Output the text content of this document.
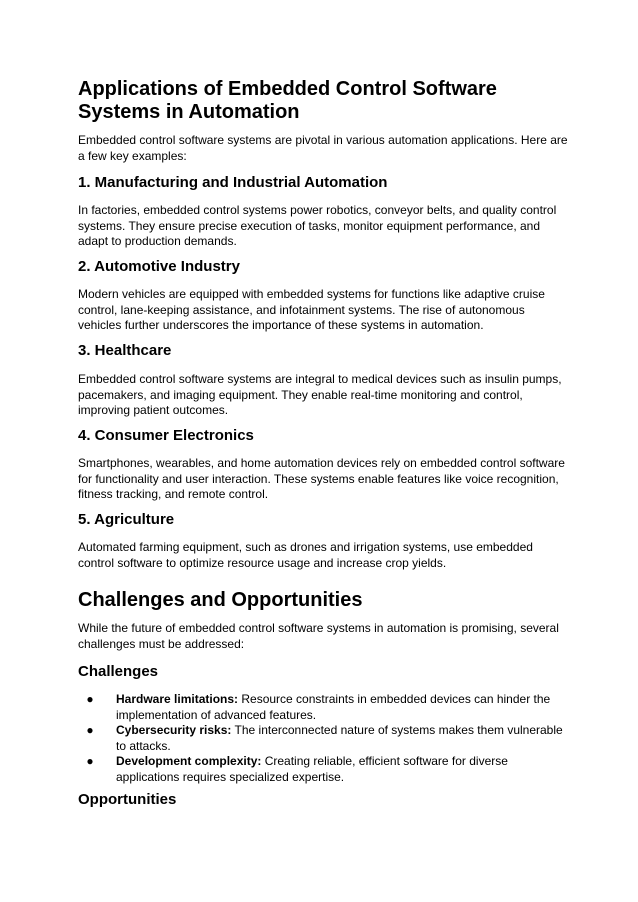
Applications of Embedded Control Software Systems in Automation

Embedded control software systems are pivotal in various automation applications. Here are a few key examples:

1. Manufacturing and Industrial Automation

In factories, embedded control systems power robotics, conveyor belts, and quality control systems. They ensure precise execution of tasks, monitor equipment performance, and adapt to production demands.

2. Automotive Industry

Modern vehicles are equipped with embedded systems for functions like adaptive cruise control, lane-keeping assistance, and infotainment systems. The rise of autonomous vehicles further underscores the importance of these systems in automation.

3. Healthcare

Embedded control software systems are integral to medical devices such as insulin pumps, pacemakers, and imaging equipment. They enable real-time monitoring and control, improving patient outcomes.

4. Consumer Electronics

Smartphones, wearables, and home automation devices rely on embedded control software for functionality and user interaction. These systems enable features like voice recognition, fitness tracking, and remote control.

5. Agriculture

Automated farming equipment, such as drones and irrigation systems, use embedded control software to optimize resource usage and increase crop yields.

Challenges and Opportunities

While the future of embedded control software systems in automation is promising, several challenges must be addressed:

Challenges
● Hardware limitations: Resource constraints in embedded devices can hinder the implementation of advanced features.
● Cybersecurity risks: The interconnected nature of systems makes them vulnerable to attacks.
● Development complexity: Creating reliable, efficient software for diverse applications requires specialized expertise.
Opportunities
